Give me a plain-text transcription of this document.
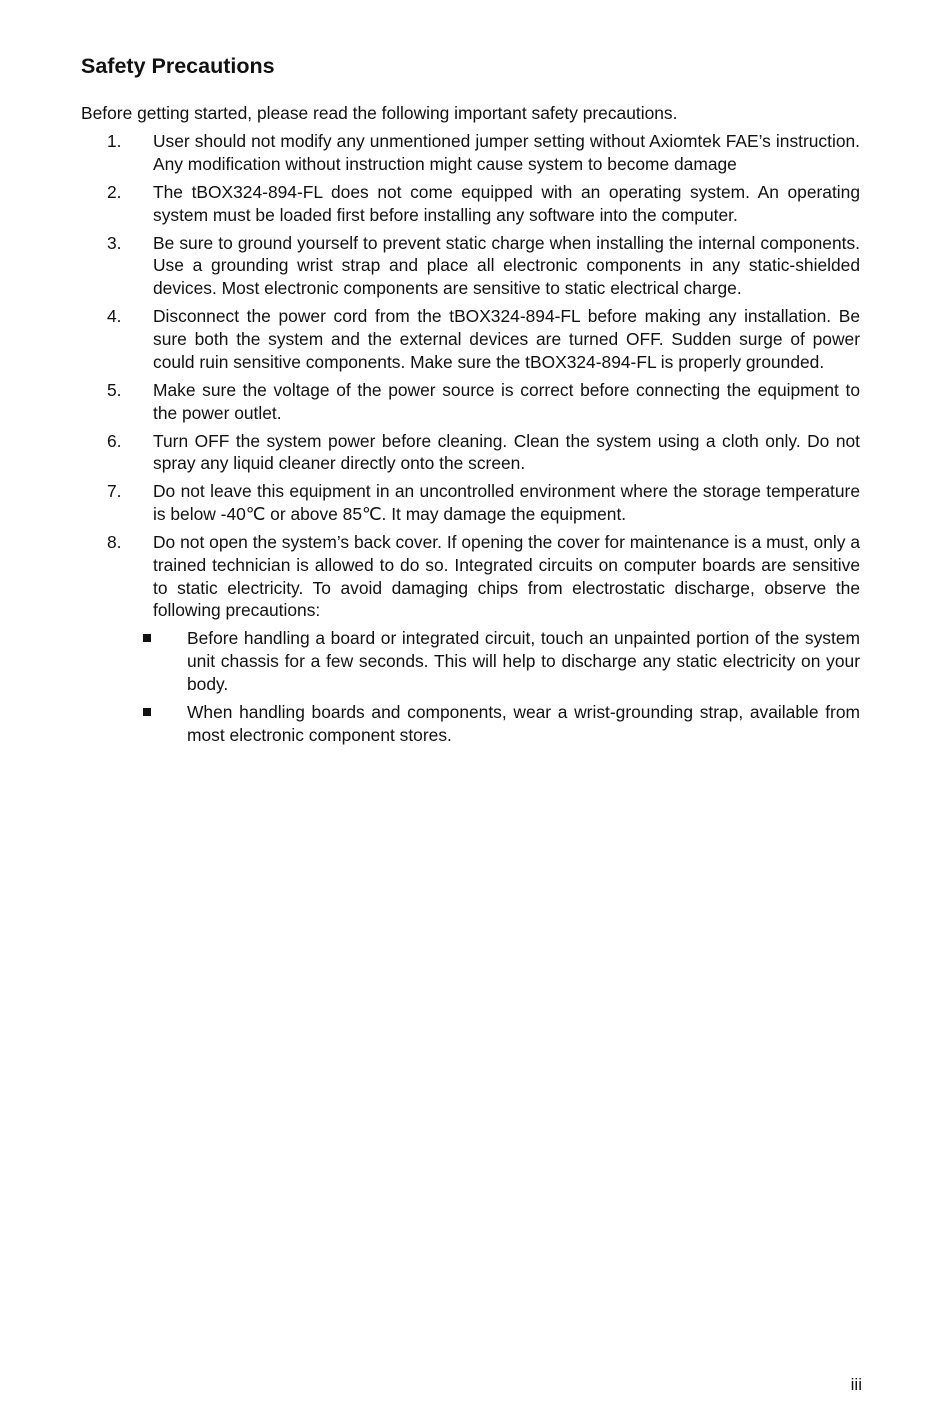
Safety Precautions

Before getting started, please read the following important safety precautions.

1. User should not modify any unmentioned jumper setting without Axiomtek FAE’s instruction. Any modification without instruction might cause system to become damage
2. The tBOX324-894-FL does not come equipped with an operating system. An operating system must be loaded first before installing any software into the computer.
3. Be sure to ground yourself to prevent static charge when installing the internal components. Use a grounding wrist strap and place all electronic components in any static-shielded devices. Most electronic components are sensitive to static electrical charge.
4. Disconnect the power cord from the tBOX324-894-FL before making any installation. Be sure both the system and the external devices are turned OFF. Sudden surge of power could ruin sensitive components. Make sure the tBOX324-894-FL is properly grounded.
5. Make sure the voltage of the power source is correct before connecting the equipment to the power outlet.
6. Turn OFF the system power before cleaning. Clean the system using a cloth only. Do not spray any liquid cleaner directly onto the screen.
7. Do not leave this equipment in an uncontrolled environment where the storage temperature is below -40℃ or above 85℃. It may damage the equipment.
8. Do not open the system’s back cover. If opening the cover for maintenance is a must, only a trained technician is allowed to do so. Integrated circuits on computer boards are sensitive to static electricity. To avoid damaging chips from electrostatic discharge, observe the following precautions:
Before handling a board or integrated circuit, touch an unpainted portion of the system unit chassis for a few seconds. This will help to discharge any static electricity on your body.
When handling boards and components, wear a wrist-grounding strap, available from most electronic component stores.
iii
